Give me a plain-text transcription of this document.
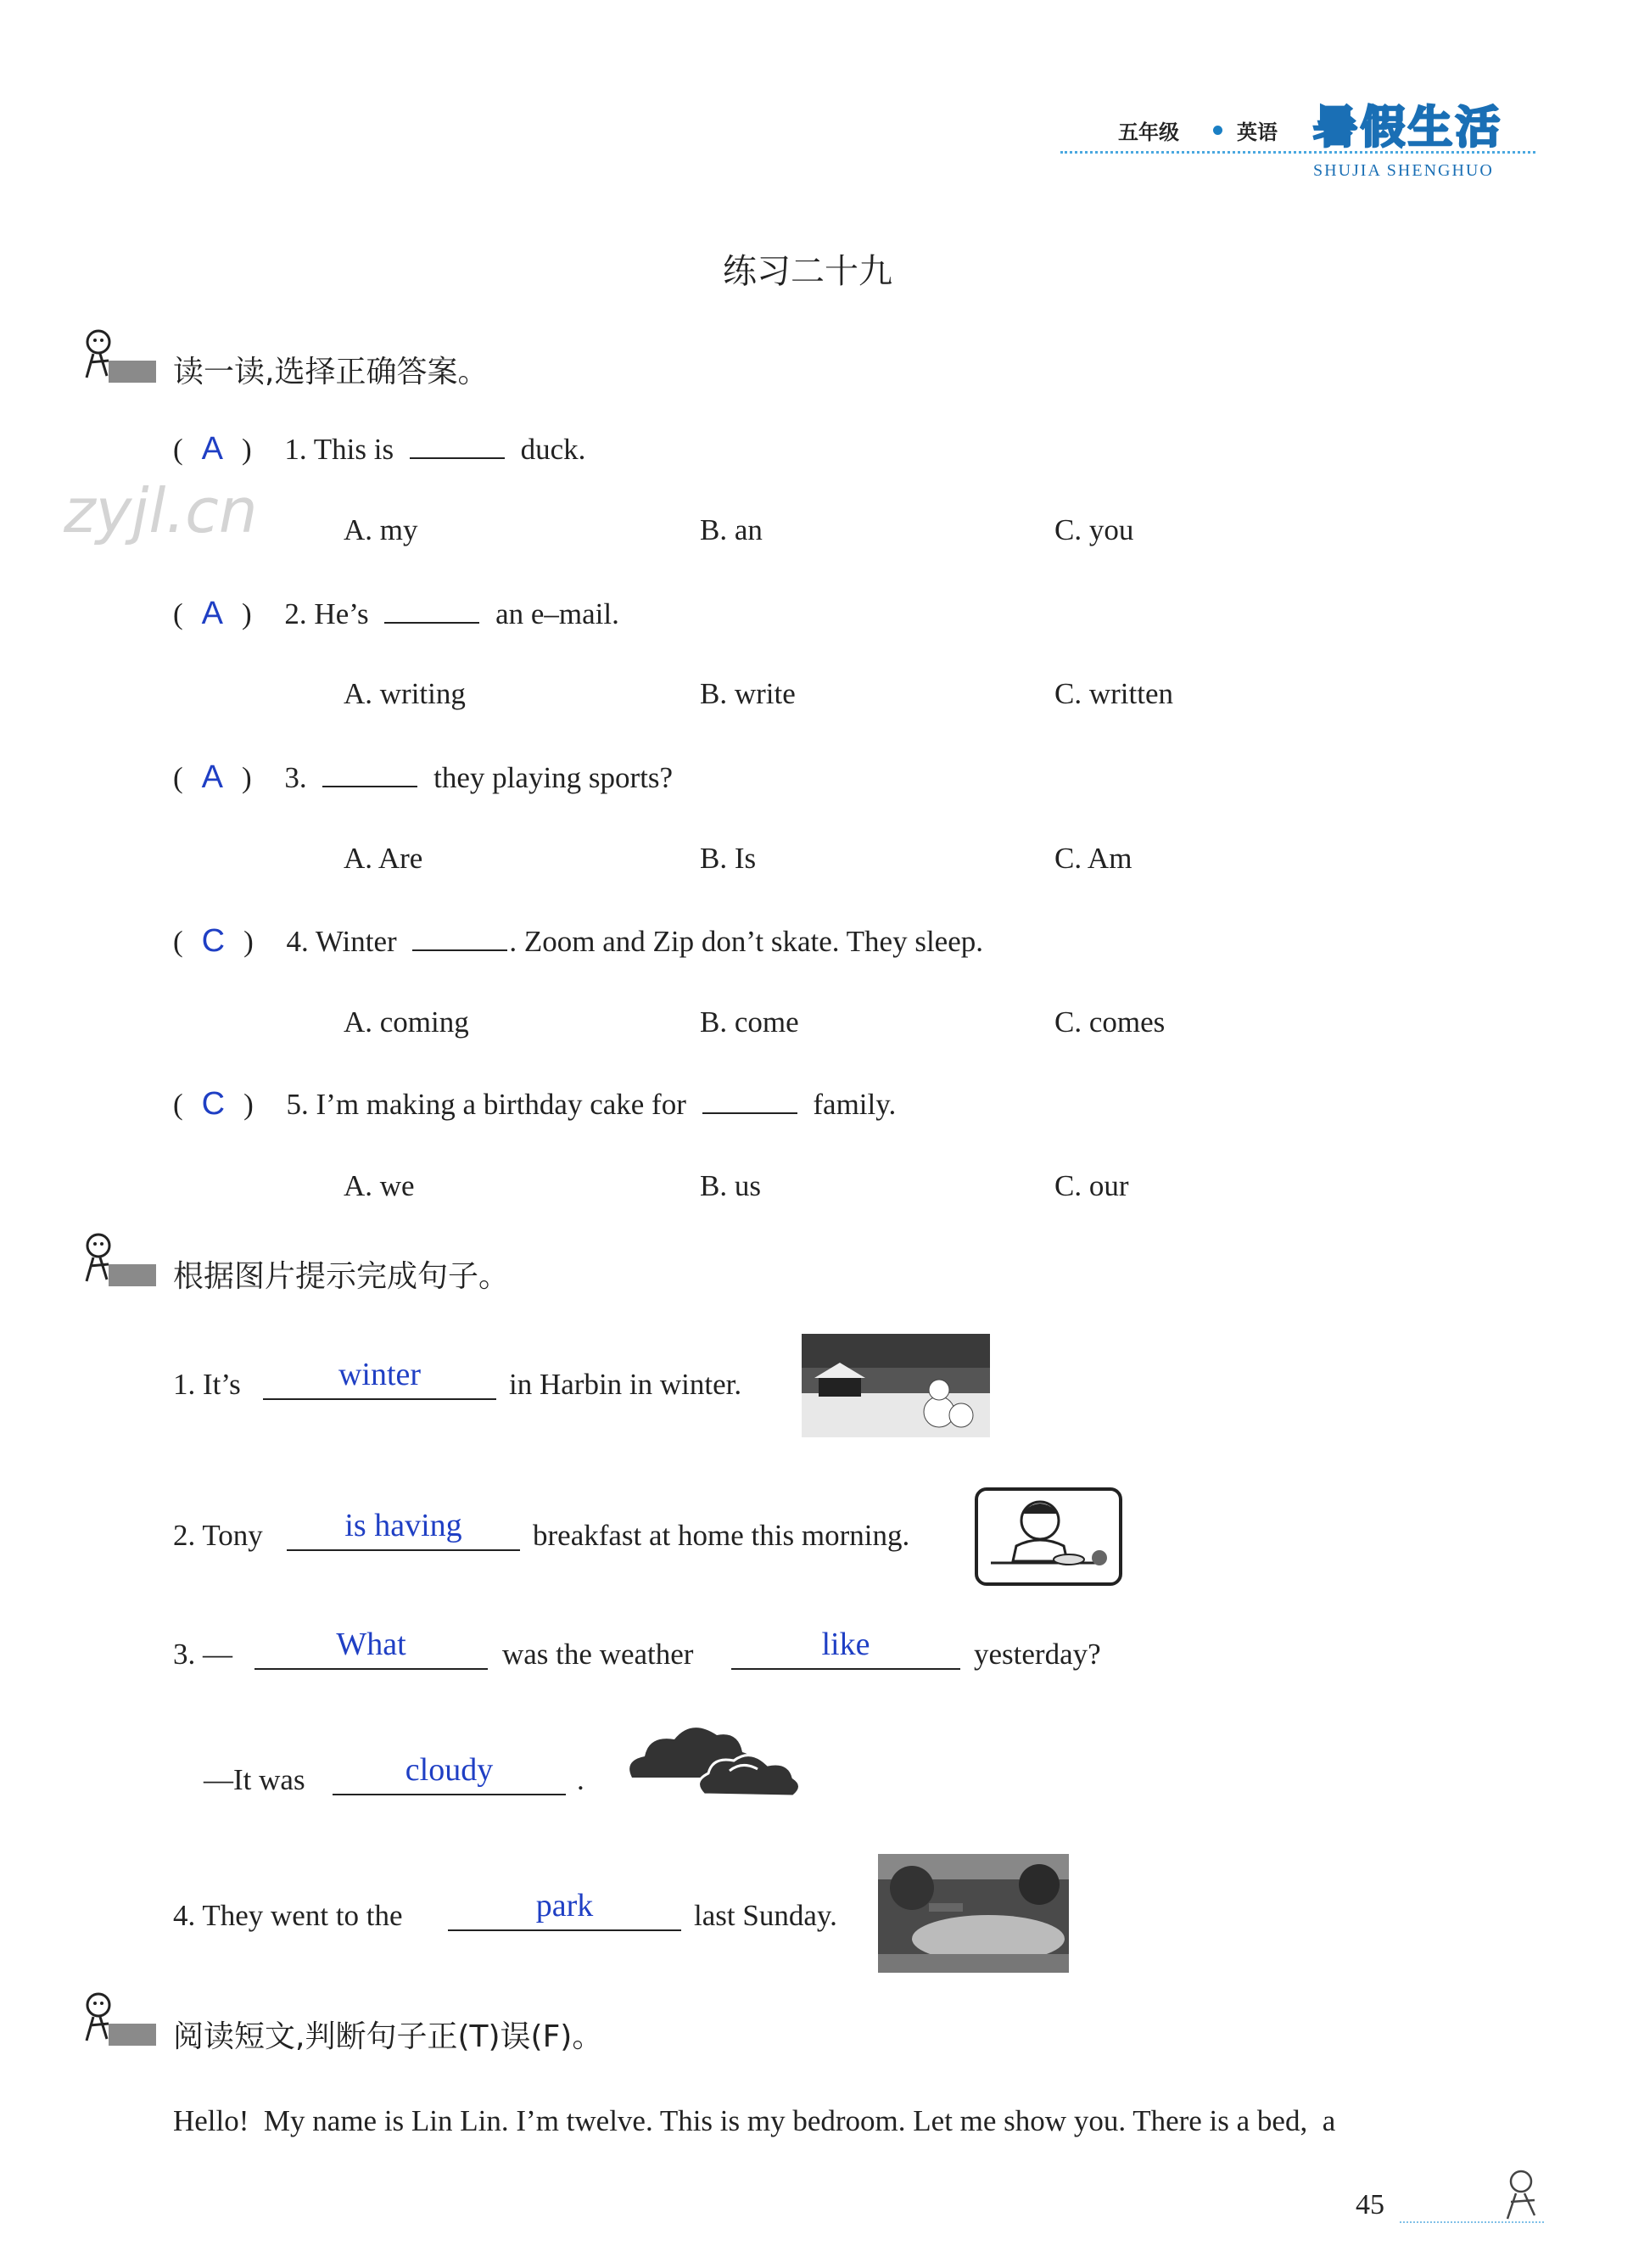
五年级	英语 暑假生活
SHUJIA SHENGHUO
zyjl.cn
练习二十九
读一读,选择正确答案。
( A ) 1. This is	duck.
A. my	B. an	C. you
( A ) 2. He’s	an e–mail.
A. writing	B. write	C. written
( A ) 3.	they playing sports?
A. Are	B. Is	C. Am
( C ) 4. Winter	. Zoom and Zip don’t skate. They sleep.
A. coming	B. come	C. comes
( C ) 5. I’m making a birthday cake for	family.
A. we	B. us	C. our
根据图片提示完成句子。
1. It’s	winter	in Harbin in winter.
2. Tony	is having	breakfast at home this morning.
3. —	What	was the weather	like	yesterday?
—It was	cloudy	.
4. They went to the	park	last Sunday.
阅读短文,判断句子正(T)误(F)。
Hello!  My name is Lin Lin. I’m twelve. This is my bedroom. Let me show you. There is a bed,  a
45
